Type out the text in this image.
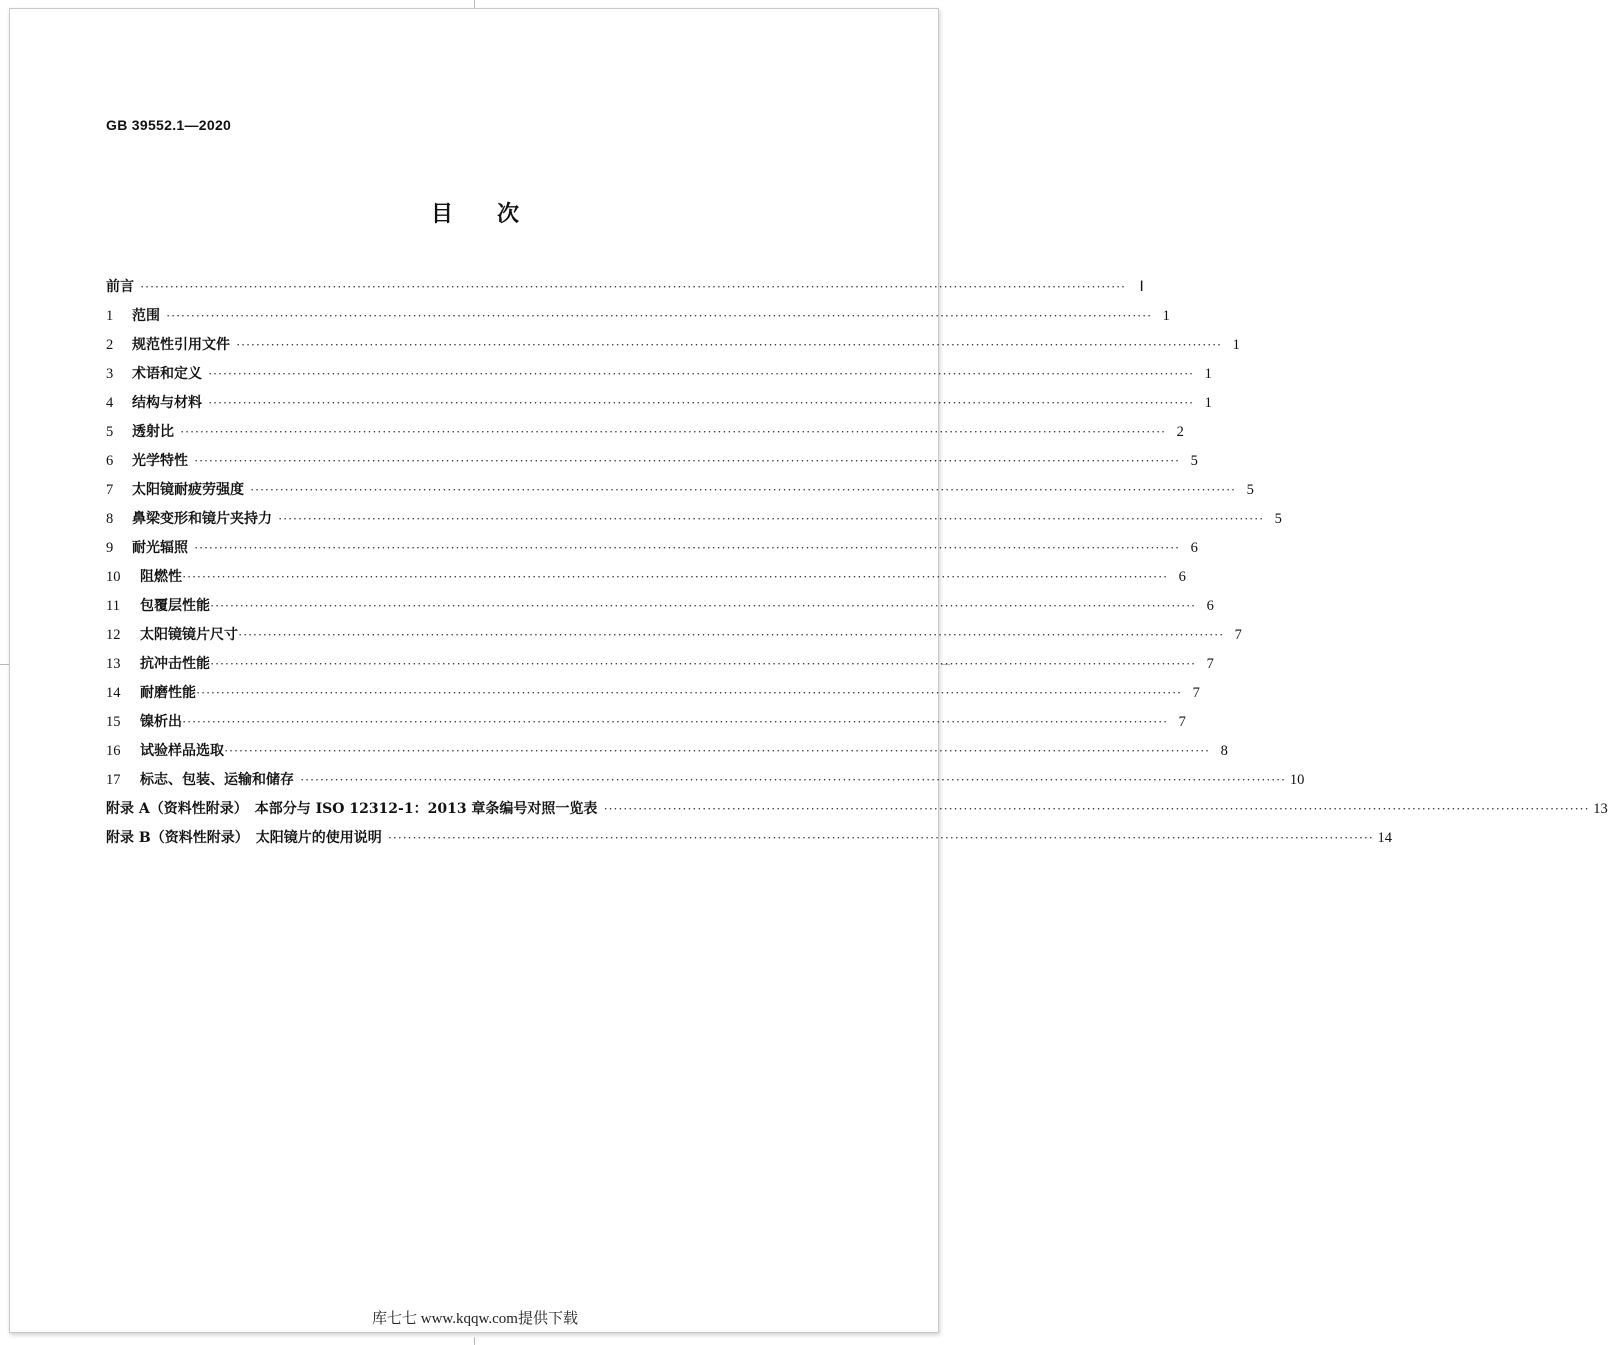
GB 39552.1—2020
目　　次
前言 ········································································································································································································ Ⅰ
1	范围 ········································································································································································································ 1
2	规范性引用文件 ········································································································································································································ 1
3	术语和定义 ········································································································································································································ 1
4	结构与材料 ········································································································································································································ 1
5	透射比 ········································································································································································································ 2
6	光学特性 ········································································································································································································ 5
7	太阳镜耐疲劳强度 ········································································································································································································ 5
8	鼻梁变形和镜片夹持力 ········································································································································································································ 5
9	耐光辐照 ········································································································································································································ 6
10	阻燃性 ········································································································································································································ 6
11	包覆层性能 ········································································································································································································ 6
12	太阳镜镜片尺寸 ········································································································································································································ 7
13	抗冲击性能 ········································································································································································································ 7
14	耐磨性能 ········································································································································································································ 7
15	镍析出 ········································································································································································································ 7
16	试验样品选取 ········································································································································································································ 8
17	标志、包装、运输和储存 ········································································································································································································ 10
附录 A（资料性附录）　本部分与 ISO 12312-1：2013 章条编号对照一览表 ········································································································································································································ 13
附录 B（资料性附录）　太阳镜片的使用说明 ········································································································································································································ 14
库七七 www.kqqw.com提供下载
